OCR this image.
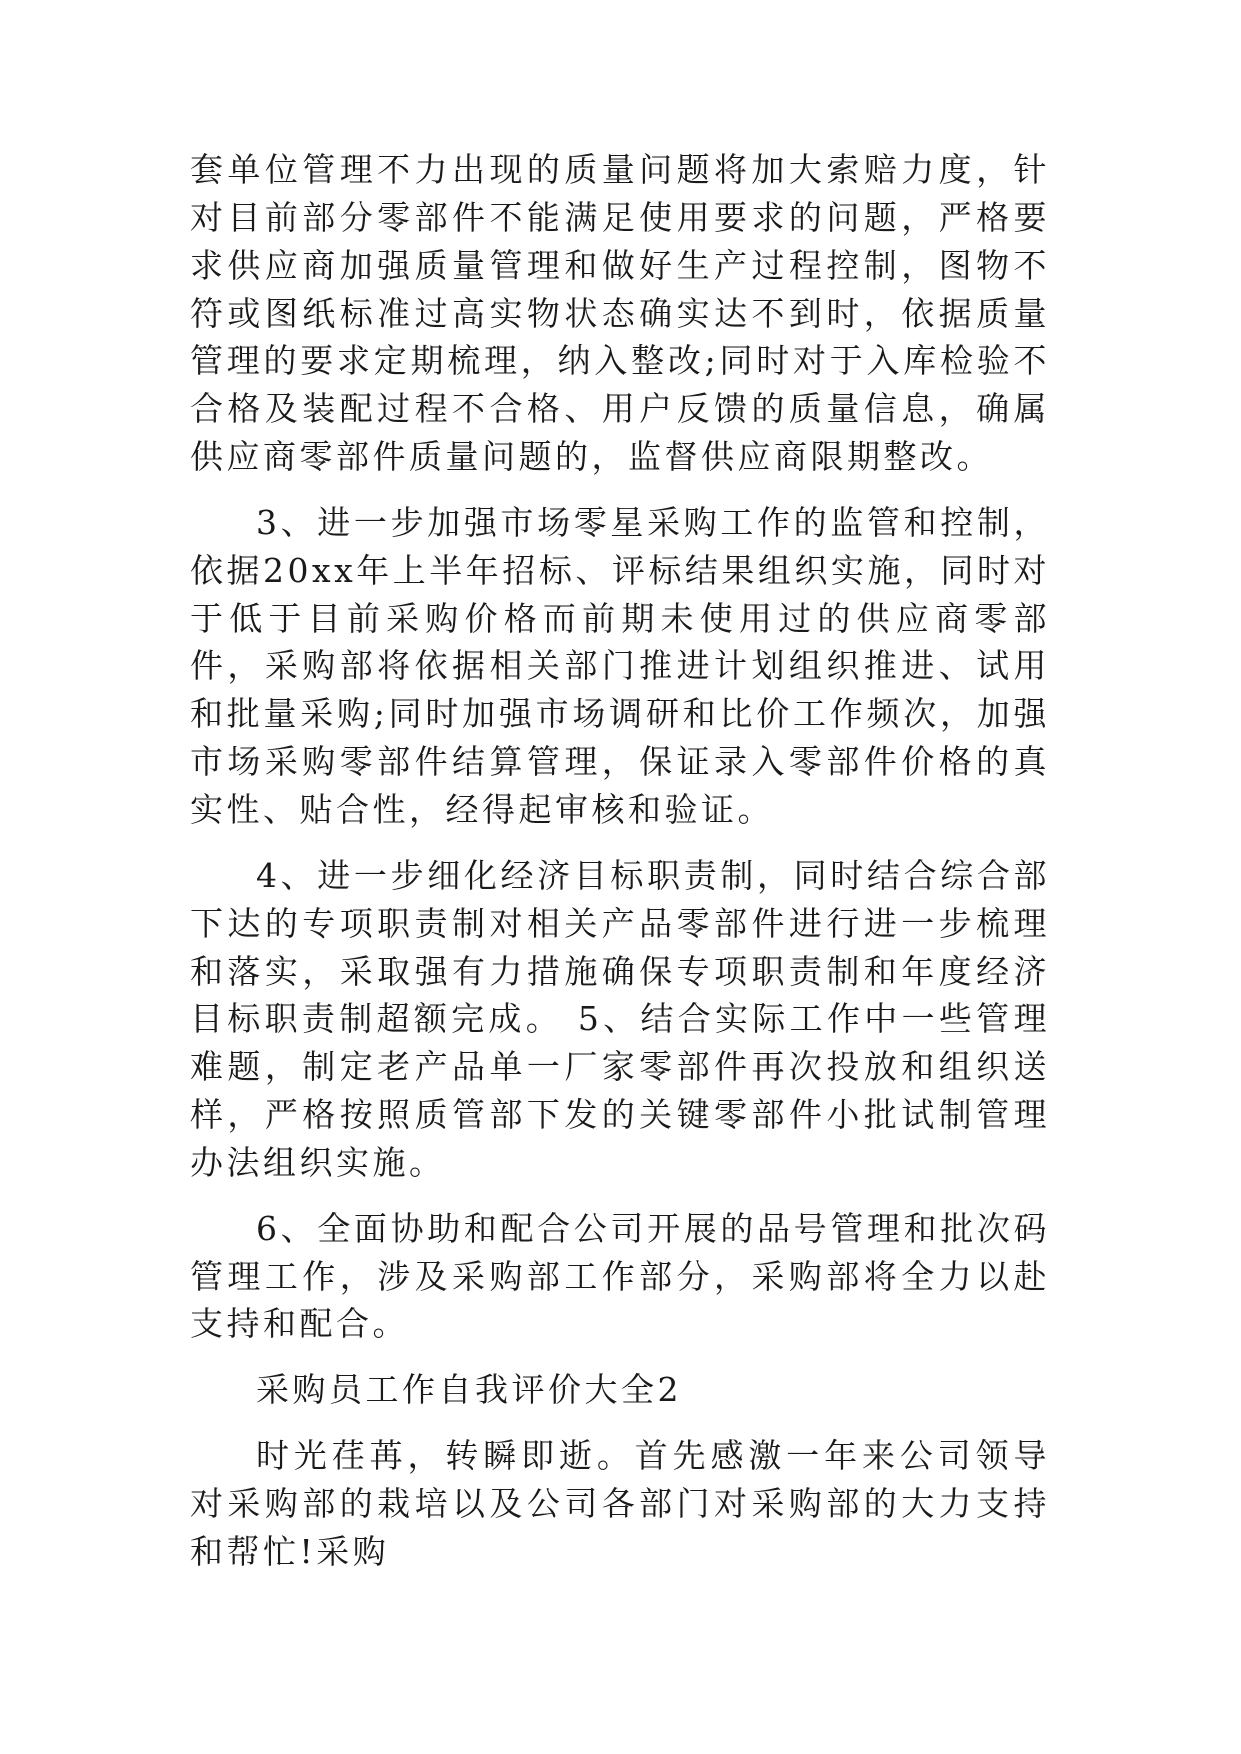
套单位管理不力出现的质量问题将加大索赔力度，针对目前部分零部件不能满足使用要求的问题，严格要求供应商加强质量管理和做好生产过程控制，图物不符或图纸标准过高实物状态确实达不到时，依据质量管理的要求定期梳理，纳入整改;同时对于入库检验不合格及装配过程不合格、用户反馈的质量信息，确属供应商零部件质量问题的，监督供应商限期整改。

3、进一步加强市场零星采购工作的监管和控制，依据20xx年上半年招标、评标结果组织实施，同时对于低于目前采购价格而前期未使用过的供应商零部件，采购部将依据相关部门推进计划组织推进、试用和批量采购;同时加强市场调研和比价工作频次，加强市场采购零部件结算管理，保证录入零部件价格的真实性、贴合性，经得起审核和验证。

4、进一步细化经济目标职责制，同时结合综合部下达的专项职责制对相关产品零部件进行进一步梳理和落实，采取强有力措施确保专项职责制和年度经济目标职责制超额完成。 5、结合实际工作中一些管理难题，制定老产品单一厂家零部件再次投放和组织送样，严格按照质管部下发的关键零部件小批试制管理办法组织实施。

6、全面协助和配合公司开展的品号管理和批次码管理工作，涉及采购部工作部分，采购部将全力以赴支持和配合。

采购员工作自我评价大全2

时光荏苒，转瞬即逝。首先感激一年来公司领导对采购部的栽培以及公司各部门对采购部的大力支持和帮忙!采购
